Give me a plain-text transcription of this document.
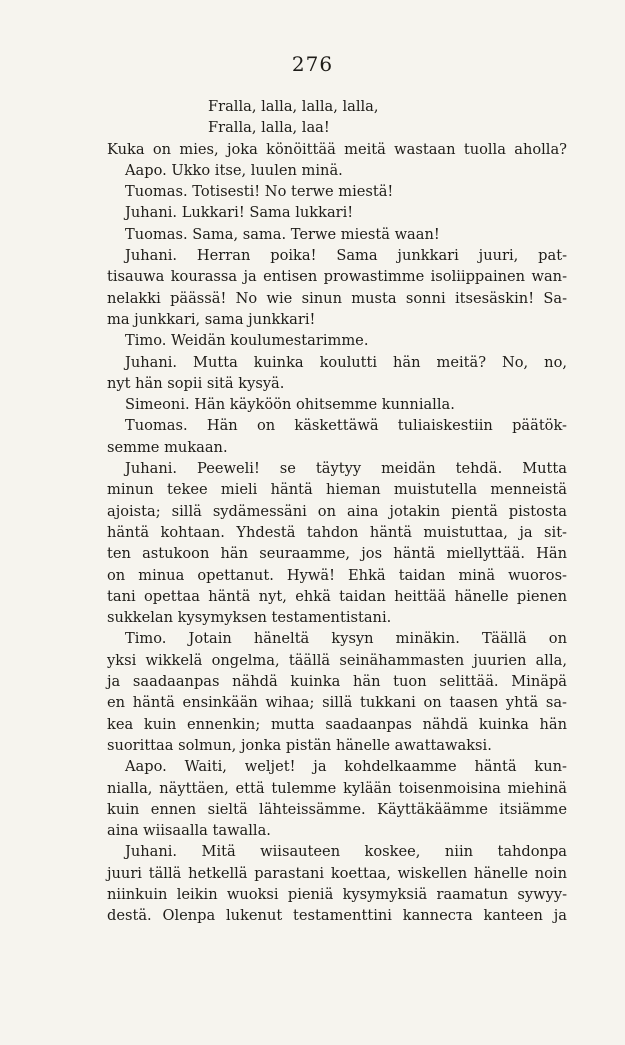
276
Fralla, lalla, lalla, lalla,
Fralla, lalla, laa!
Kuka on mies, joka könöittää meitä wastaan tuolla aholla?
Aapo. Ukko itse, luulen minä.
Tuomas. Totisesti! No terwe miestä!
Juhani. Lukkari! Sama lukkari!
Tuomas. Sama, sama. Terwe miestä waan!
Juhani. Herran poika! Sama junkkari juuri, pat-
tisauwa kourassa ja entisen prowastimme isoliippainen wan-
nelakki päässä! No wie sinun musta sonni itsesäskin! Sa-
ma junkkari, sama junkkari!
Timo. Weidän koulumestarimme.
Juhani. Mutta kuinka koulutti hän meitä? No, no,
nyt hän sopii sitä kysyä.
Simeoni. Hän käyköön ohitsemme kunnialla.
Tuomas. Hän on käskettäwä tuliaiskestiin päätök-
semme mukaan.
Juhani. Peeweli! se täytyy meidän tehdä. Mutta
minun tekee mieli häntä hieman muistutella menneistä
ajoista; sillä sydämessäni on aina jotakin pientä pistosta
häntä kohtaan. Yhdestä tahdon häntä muistuttaa, ja sit-
ten astukoon hän seuraamme, jos häntä miellyttää. Hän
on minua opettanut. Hywä! Ehkä taidan minä wuoros-
tani opettaa häntä nyt, ehkä taidan heittää hänelle pienen
sukkelan kysymyksen testamentistani.
Timo. Jotain häneltä kysyn minäkin. Täällä on
yksi wikkelä ongelma, täällä seinähammasten juurien alla,
ja saadaanpas nähdä kuinka hän tuon selittää. Minäpä
en häntä ensinkään wihaa; sillä tukkani on taasen yhtä sa-
kea kuin ennenkin; mutta saadaanpas nähdä kuinka hän
suorittaa solmun, jonka pistän hänelle awattawaksi.
Aapo. Waiti, weljet! ja kohdelkaamme häntä kun-
nialla, näyttäen, että tulemme kylään toisenmoisina miehinä
kuin ennen sieltä lähteissämme. Käyttäkäämme itsiämme
aina wiisaalla tawalla.
Juhani. Mitä wiisauteen koskee, niin tahdonpa
juuri tällä hetkellä parastani koettaa, wiskellen hänelle noin
niinkuin leikin wuoksi pieniä kysymyksiä raamatun sywyy-
destä. Olenpa lukenut testamenttini kanneста kanteen ja
